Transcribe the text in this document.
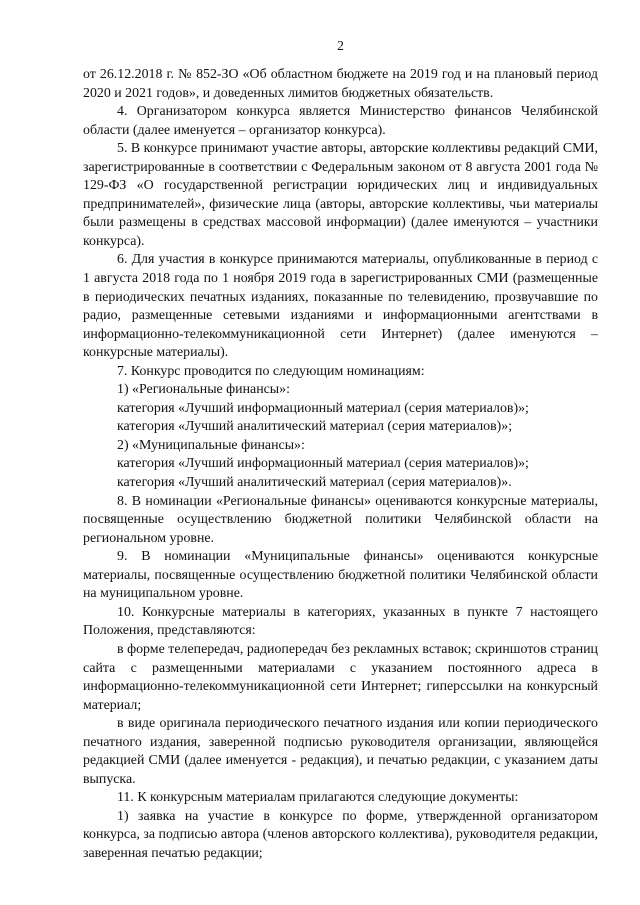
2

от 26.12.2018 г. № 852-ЗО «Об областном бюджете на 2019 год и на плановый период 2020 и 2021 годов», и доведенных лимитов бюджетных обязательств.

4. Организатором конкурса является Министерство финансов Челябинской области (далее именуется – организатор конкурса).

5. В конкурсе принимают участие авторы, авторские коллективы редакций СМИ, зарегистрированные в соответствии с Федеральным законом от 8 августа 2001 года № 129-ФЗ «О государственной регистрации юридических лиц и индивидуальных предпринимателей», физические лица (авторы, авторские коллективы, чьи материалы были размещены в средствах массовой информации) (далее именуются – участники конкурса).

6. Для участия в конкурсе принимаются материалы, опубликованные в период с 1 августа 2018 года по 1 ноября 2019 года в зарегистрированных СМИ (размещенные в периодических печатных изданиях, показанные по телевидению, прозвучавшие по радио, размещенные сетевыми изданиями и информационными агентствами в информационно-телекоммуникационной сети Интернет) (далее именуются – конкурсные материалы).

7. Конкурс проводится по следующим номинациям:

1) «Региональные финансы»:

категория «Лучший информационный материал (серия материалов)»;

категория «Лучший аналитический материал (серия материалов)»;

2) «Муниципальные финансы»:

категория «Лучший информационный материал (серия материалов)»;

категория «Лучший аналитический материал (серия материалов)».

8. В номинации «Региональные финансы» оцениваются конкурсные материалы, посвященные осуществлению бюджетной политики Челябинской области на региональном уровне.

9. В номинации «Муниципальные финансы» оцениваются конкурсные материалы, посвященные осуществлению бюджетной политики Челябинской области на муниципальном уровне.

10. Конкурсные материалы в категориях, указанных в пункте 7 настоящего Положения, представляются:

в форме телепередач, радиопередач без рекламных вставок; скриншотов страниц сайта с размещенными материалами с указанием постоянного адреса в информационно-телекоммуникационной сети Интернет; гиперссылки на конкурсный материал;

в виде оригинала периодического печатного издания или копии периодического печатного издания, заверенной подписью руководителя организации, являющейся редакцией СМИ (далее именуется - редакция), и печатью редакции, с указанием даты выпуска.

11. К конкурсным материалам прилагаются следующие документы:

1) заявка на участие в конкурсе по форме, утвержденной организатором конкурса, за подписью автора (членов авторского коллектива), руководителя редакции, заверенная печатью редакции;
